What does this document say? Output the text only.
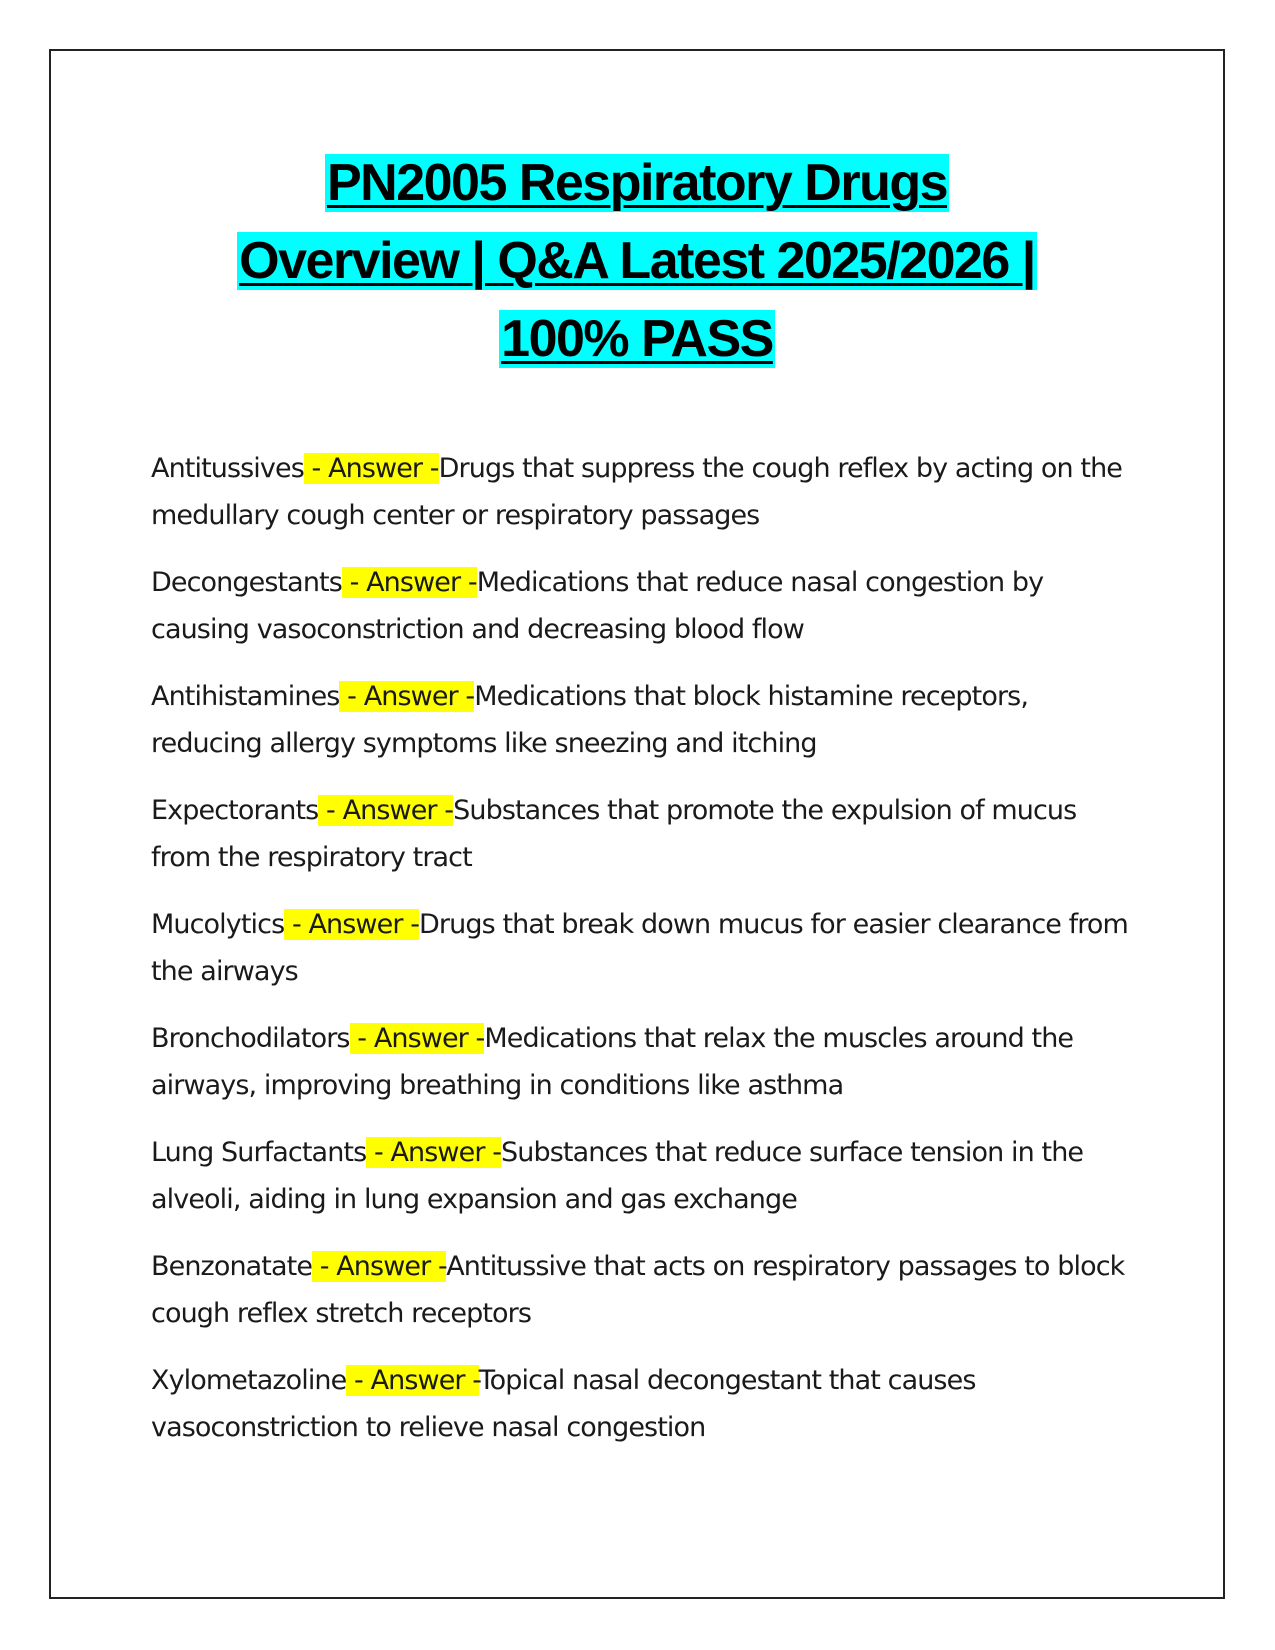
PN2005 Respiratory Drugs
Overview | Q&A Latest 2025/2026 |
100% PASS

Antitussives - Answer -Drugs that suppress the cough reflex by acting on the medullary cough center or respiratory passages

Decongestants - Answer -Medications that reduce nasal congestion by causing vasoconstriction and decreasing blood flow

Antihistamines - Answer -Medications that block histamine receptors, reducing allergy symptoms like sneezing and itching

Expectorants - Answer -Substances that promote the expulsion of mucus from the respiratory tract

Mucolytics - Answer -Drugs that break down mucus for easier clearance from the airways

Bronchodilators - Answer -Medications that relax the muscles around the airways, improving breathing in conditions like asthma

Lung Surfactants - Answer -Substances that reduce surface tension in the alveoli, aiding in lung expansion and gas exchange

Benzonatate - Answer -Antitussive that acts on respiratory passages to block cough reflex stretch receptors

Xylometazoline - Answer -Topical nasal decongestant that causes vasoconstriction to relieve nasal congestion
